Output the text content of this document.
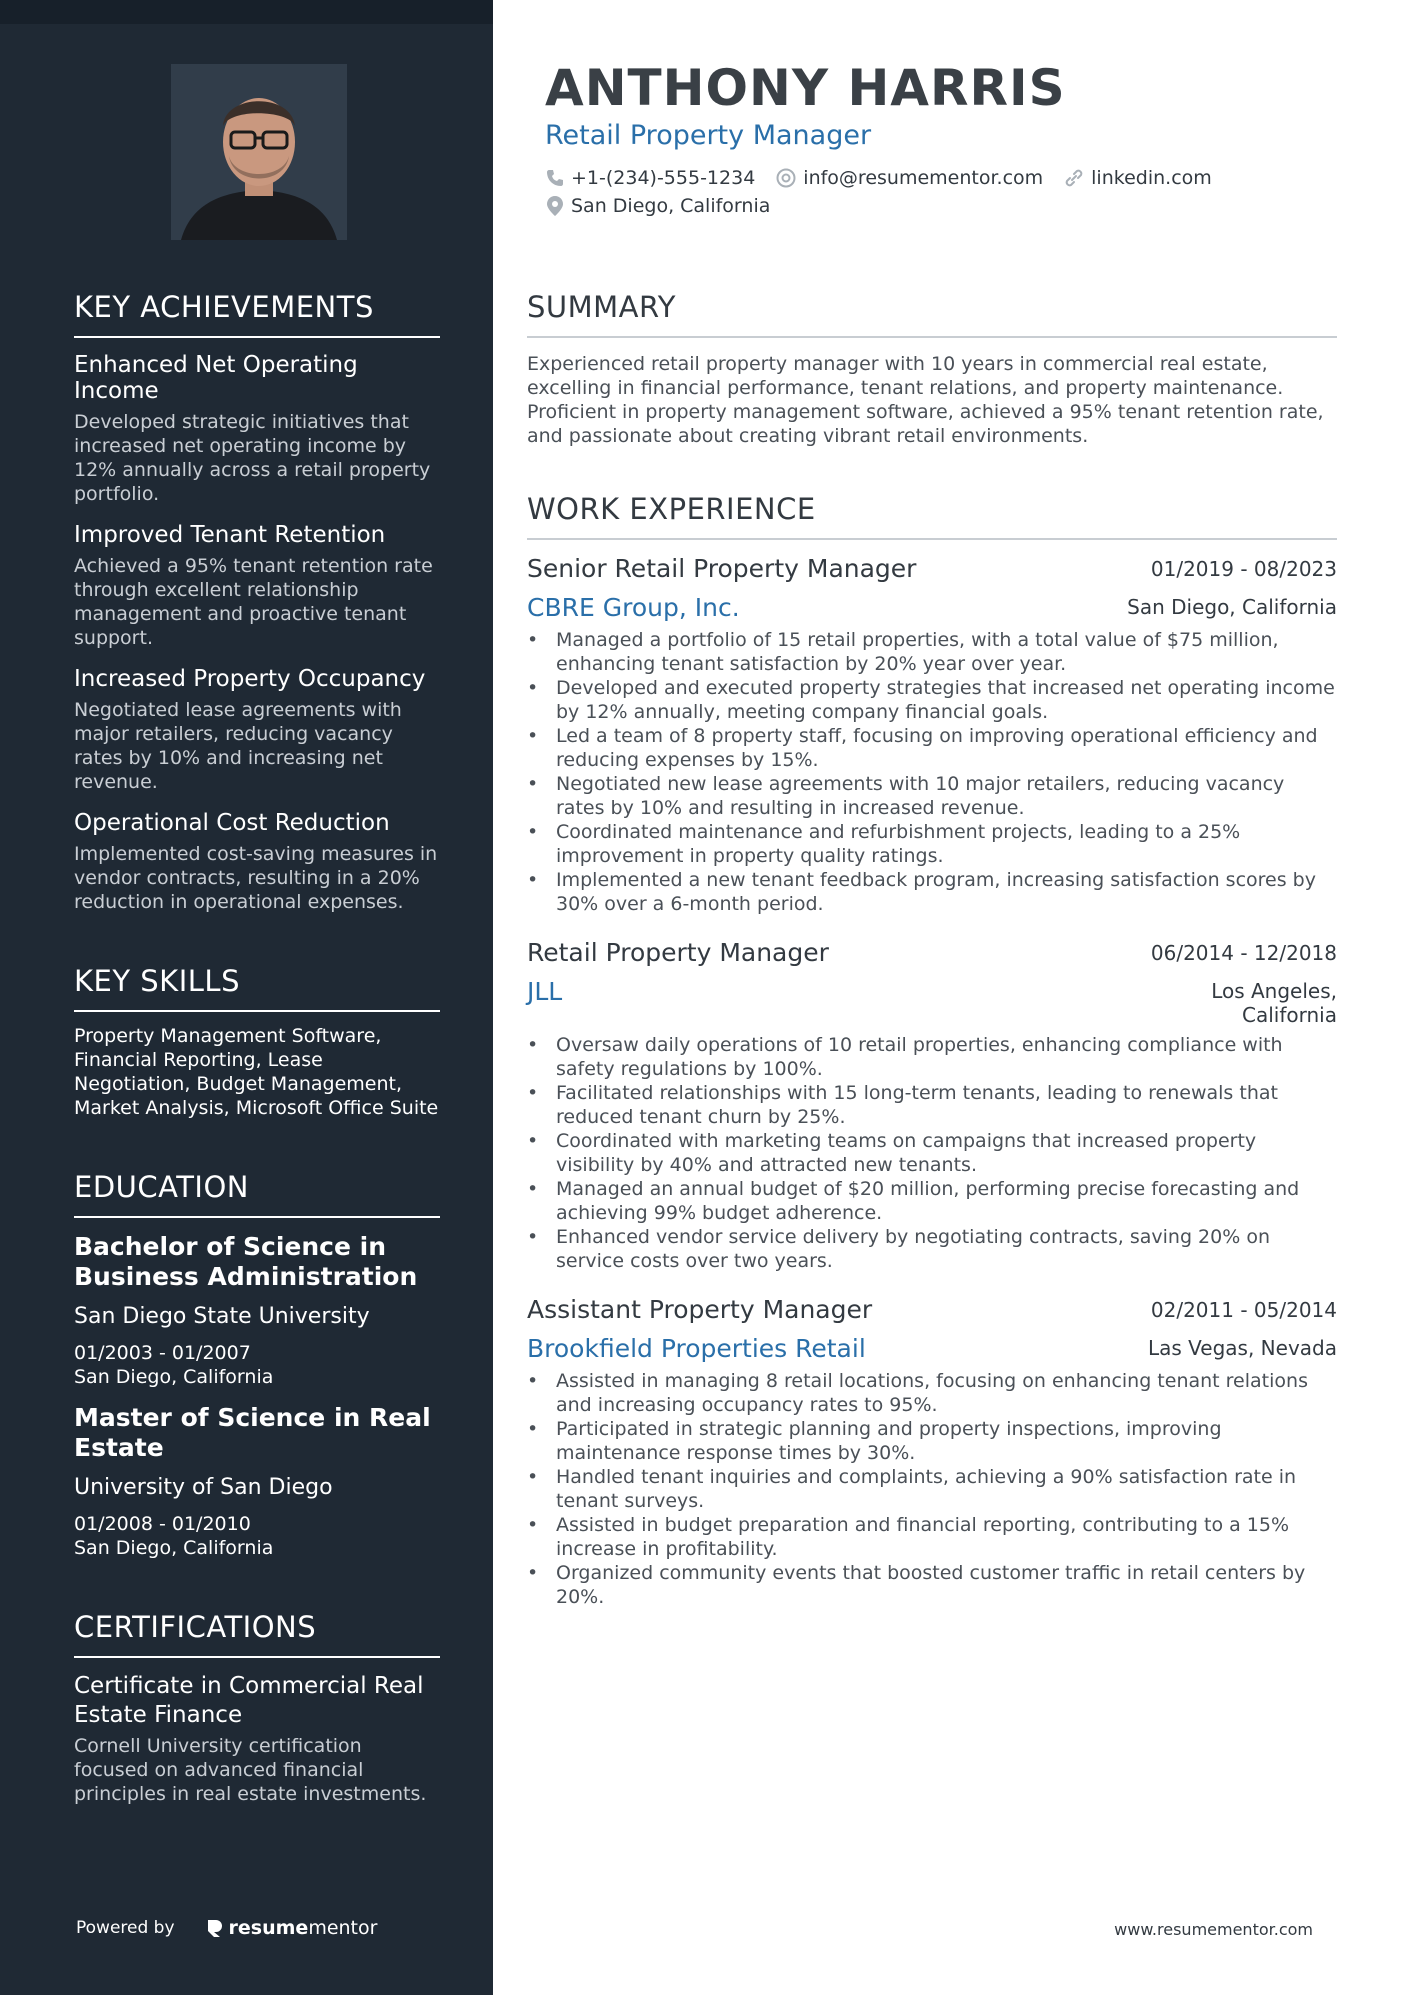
KEY ACHIEVEMENTS
Enhanced Net Operating Income
Developed strategic initiatives that increased net operating income by 12% annually across a retail property portfolio.
Improved Tenant Retention
Achieved a 95% tenant retention rate through excellent relationship management and proactive tenant support.
Increased Property Occupancy
Negotiated lease agreements with major retailers, reducing vacancy rates by 10% and increasing net revenue.
Operational Cost Reduction
Implemented cost-saving measures in vendor contracts, resulting in a 20% reduction in operational expenses.
KEY SKILLS
Property Management Software, Financial Reporting, Lease Negotiation, Budget Management, Market Analysis, Microsoft Office Suite
EDUCATION
Bachelor of Science in Business Administration
San Diego State University
01/2003 - 01/2007
San Diego, California
Master of Science in Real Estate
University of San Diego
01/2008 - 01/2010
San Diego, California
CERTIFICATIONS
Certificate in Commercial Real Estate Finance
Cornell University certification focused on advanced financial principles in real estate investments.
Powered by	resume mentor
ANTHONY HARRIS
Retail Property Manager
+1-(234)-555-1234	info@resumementor.com	linkedin.com
San Diego, California
SUMMARY
Experienced retail property manager with 10 years in commercial real estate, excelling in financial performance, tenant relations, and property maintenance. Proficient in property management software, achieved a 95% tenant retention rate, and passionate about creating vibrant retail environments.
WORK EXPERIENCE
Senior Retail Property Manager	01/2019 - 08/2023
CBRE Group, Inc.	San Diego, California
• Managed a portfolio of 15 retail properties, with a total value of $75 million, enhancing tenant satisfaction by 20% year over year.
• Developed and executed property strategies that increased net operating income by 12% annually, meeting company financial goals.
• Led a team of 8 property staff, focusing on improving operational efficiency and reducing expenses by 15%.
• Negotiated new lease agreements with 10 major retailers, reducing vacancy rates by 10% and resulting in increased revenue.
• Coordinated maintenance and refurbishment projects, leading to a 25% improvement in property quality ratings.
• Implemented a new tenant feedback program, increasing satisfaction scores by 30% over a 6-month period.
Retail Property Manager	06/2014 - 12/2018
JLL	Los Angeles,
California
• Oversaw daily operations of 10 retail properties, enhancing compliance with safety regulations by 100%.
• Facilitated relationships with 15 long-term tenants, leading to renewals that reduced tenant churn by 25%.
• Coordinated with marketing teams on campaigns that increased property visibility by 40% and attracted new tenants.
• Managed an annual budget of $20 million, performing precise forecasting and achieving 99% budget adherence.
• Enhanced vendor service delivery by negotiating contracts, saving 20% on service costs over two years.
Assistant Property Manager	02/2011 - 05/2014
Brookfield Properties Retail	Las Vegas, Nevada
• Assisted in managing 8 retail locations, focusing on enhancing tenant relations and increasing occupancy rates to 95%.
• Participated in strategic planning and property inspections, improving maintenance response times by 30%.
• Handled tenant inquiries and complaints, achieving a 90% satisfaction rate in tenant surveys.
• Assisted in budget preparation and financial reporting, contributing to a 15% increase in profitability.
• Organized community events that boosted customer traffic in retail centers by 20%.
www.resumementor.com
